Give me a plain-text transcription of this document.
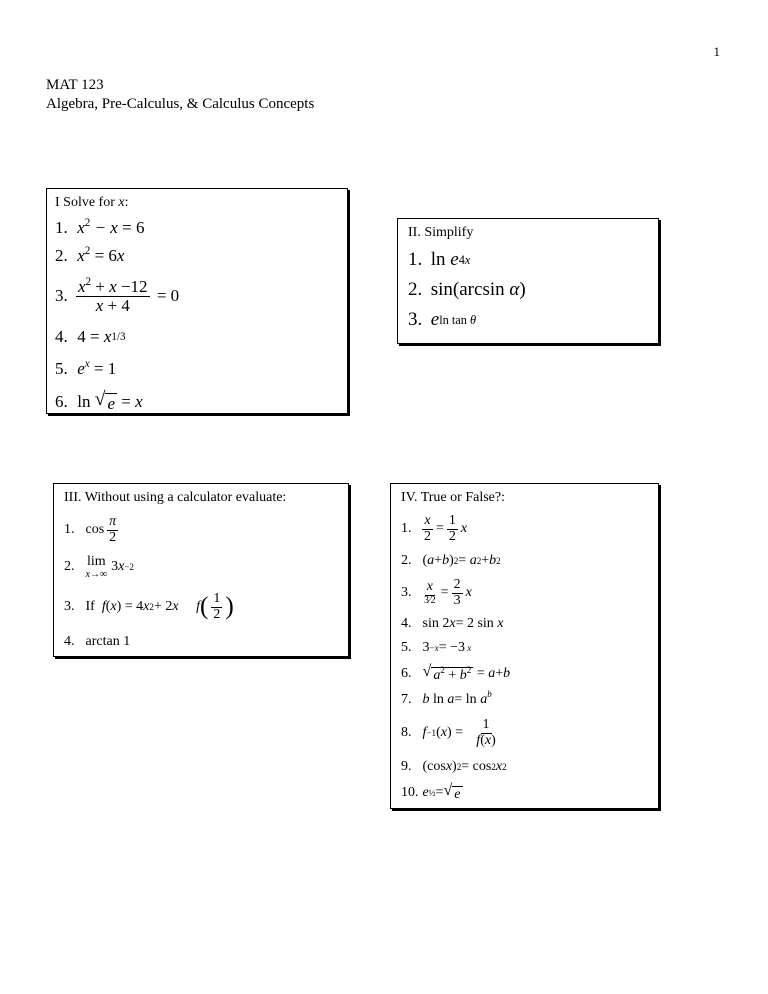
1
MAT 123
Algebra, Pre-Calculus, & Calculus Concepts
I Solve for x:
1.
$x^2 - x = 6$
2.
$x^2 = 6$ x
3. $\frac{x^2 + x -12}{x + 4} = 0$
4. 4 = x 1/3
5.
$e^x = 1$
6. ln √ e = x
II. Simplify
1. ln e 4x
2. sin(arcsin α )
3.
e ln tan θ
III. Without using a calculator evaluate:
1. $\cos \frac{\pi}{2}$
2.
lim
x→∞
3 x −2
3.
If
f ( x ) = 4 x 2 + 2 x
f ( $\frac{1}{2}$ )
4. arctan 1
IV. True or False?:
1. $\frac{x}{2} = \frac{1}{2}$ x
2. ( a + b ) 2 = a 2 + b 2
3. $\frac{x}{3⁄2} = \frac{2}{3}$ x
4. sin 2 x = 2 sin x
5. 3 −x = −3 x
6.
√ $a^2 + b^2 = a + b$
7.
b $\ln a = \ln a^b$
8.
f −1 ( x ) = $\frac{1}{f(x)}$
9. (cos x ) 2 = cos 2 x 2
10.
e ½ = √ e
